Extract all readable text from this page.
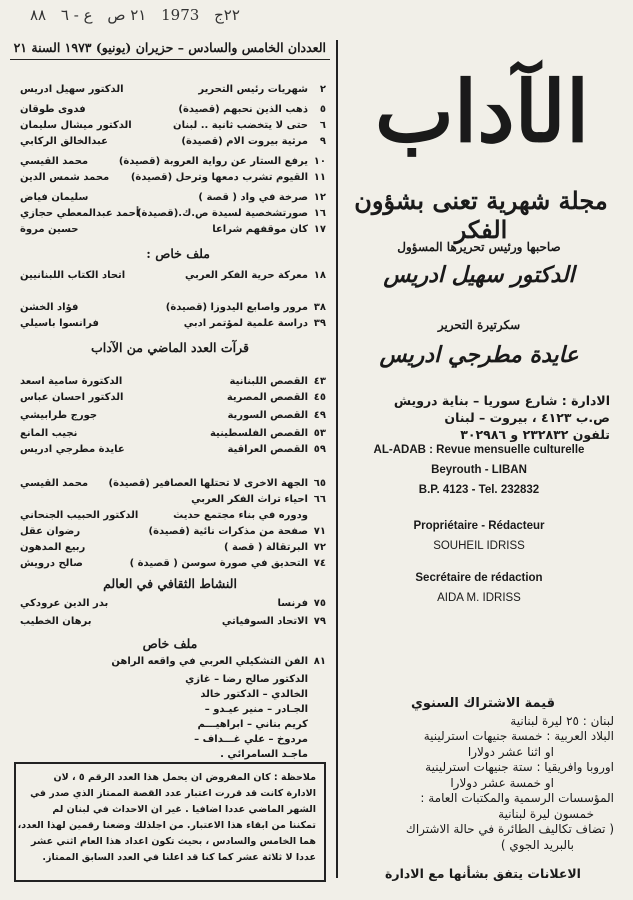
٢٢ج 1973 ٢١ ص ع - ٦ ٨٨
الآداب
مجلة شهرية تعنى بشؤون الفكر
صاحبها ورئيس تحريرها المسؤول
الدكتور سهيل ادريس
سكرتيرة التحرير
عايدة مطرجي ادريس
الادارة : شارع سوريا – بناية درويش
ص.ب ٤١٢٣ ، بيروت – لبنان
تلفون ٢٣٢٨٣٢ و ٣٠٢٩٨٦
AL-ADAB : Revue mensuelle culturelle
Beyrouth - LIBAN
B.P. 4123 - Tel. 232832
Propriétaire - Rédacteur
SOUHEIL IDRISS
Secrétaire de rédaction
AIDA M. IDRISS
قيمة الاشتراك السنوي
لبنان : ٢٥ ليرة لبنانية
البلاد العربية : خمسة جنيهات استرلينية
او اثنا عشر دولارا
اوروبا وافريقيا : ستة جنيهات استرلينية
او خمسة عشر دولارا
المؤسسات الرسمية والمكتبات العامة :
خمسون ليرة لبنانية
( تضاف تكاليف الطائرة في حالة الاشتراك
بالبريد الجوي )
الاعلانات يتفق بشأنها مع الادارة
العددان الخامس والسادس – حزيران (يونيو) ١٩٧٣ السنة ٢١
٢
شهريات رئيس التحرير
الدكتور سهيل ادريس
٥
ذهب الذين نحبهم (قصيدة)
فدوى طوقان
٦
حتى لا يتخضب ثانية .. لبنان
الدكتور ميشال سليمان
٩
مرثية بيروت الام (قصيدة)
عبدالخالق الركابي
١٠
يرفع الستار عن رواية العروبة (قصيدة)
محمد القيسي
١١
القيوم تشرب دمعها وترحل (قصيدة)
محمد شمس الدين
١٢
صرخة في واد ( قصة )
سليمان فياض
١٦
صورتشخصية لسيدة ص.ك.(قصيدة)
أحمد عبدالمعطي حجازي
١٧
كان موقفهم شراعا
حسين مروة
ملف خاص :
١٨
معركة حرية الفكر العربي
اتحاد الكتاب اللبنانيين
٣٨
مرور واصابع اليدوزا (قصيدة)
فؤاد الخشن
٣٩
دراسة علمية لمؤتمر ادبي
فرانسوا باسيلي
قرآت العدد الماضي من الآداب
٤٣
القصص اللبنانية
الدكتورة سامية اسعد
٤٥
القصص المصرية
الدكتور احسان عباس
٤٩
القصص السورية
جورج طرابيشي
٥٣
القصص الفلسطينية
نجيب المانع
٥٩
القصص العراقية
عايدة مطرجي ادريس
٦٥
الجهة الاخرى لا تحتلها العصافير (قصيدة)
محمد القيسي
٦٦
احياء تراث الفكر العربي
ودوره في بناء مجتمع حديث
الدكتور الحبيب الجنحاني
٧١
صفحة من مذكرات نائية (قصيدة)
رضوان عقل
٧٢
البرتقالة ( قصة )
ربيع المدهون
٧٤
التحديق في صورة سوسن ( قصيدة )
صالح درويش
النشاط الثقافي في العالم
٧٥
فرنسا
بدر الدين عرودكي
٧٩
الاتحاد السوفياتي
برهان الخطيب
ملف خاص
٨١
الفن التشكيلي العربي في واقعه الراهن
الدكتور صالح رضا – غازي
الخالدي – الدكتور خالد
الجـادر – منير عيـدو –
كريم بناني – ابراهيـــم
مردوخ – علي غـــداف –
ماجـد السامرائي .
ملاحظة : كان المفروض ان يحمل هذا العدد الرقم ٥ ، لان
الادارة كانت قد قررت اعتبار عدد القصة الممتاز الذي صدر في
الشهر الماضي عددا اضافيا . غير ان الاحداث في لبنان لم
تمكننا من ابقاء هذا الاعتبار. من اجلذلك وضعنا رقمين لهذا العدد،
هما الخامس والسادس ، بحيث تكون اعداد هذا العام اثني عشر
عددا لا ثلاثة عشر كما كنا قد اعلنا في العدد السابق الممتاز.
